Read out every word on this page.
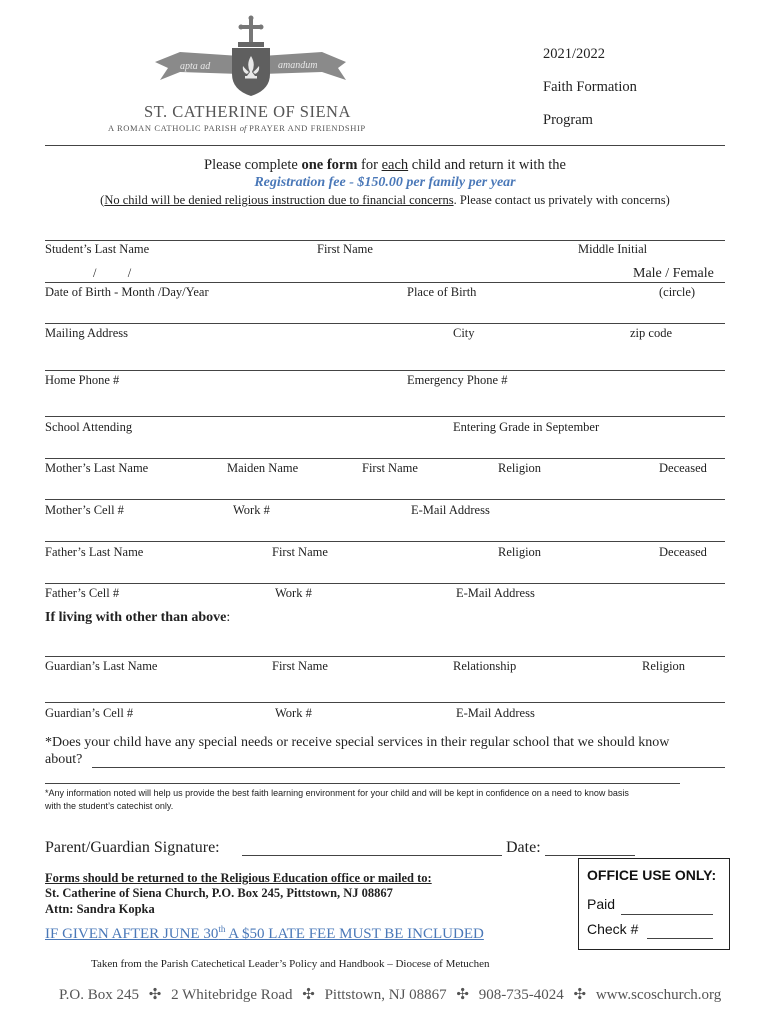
apta ad	amandum
ST. CATHERINE OF SIENA
A ROMAN CATHOLIC PARISH of PRAYER AND FRIENDSHIP
2021/2022
Faith Formation
Program
Please complete one form for each child and return it with the
Registration fee - $150.00 per family per year
(No child will be denied religious instruction due to financial concerns. Please contact us privately with concerns)
Student’s Last Name	First Name	Middle Initial
/          /	Male / Female
Date of Birth - Month /Day/Year	Place of Birth	(circle)
Mailing Address	City	zip code
Home Phone #	Emergency Phone #
School Attending	Entering Grade in September
Mother’s Last Name	Maiden Name	First Name	Religion	Deceased
Mother’s Cell #	Work #	E-Mail Address
Father’s Last Name	First Name	Religion	Deceased
Father’s Cell #	Work #	E-Mail Address
If living with other than above:
Guardian’s Last Name	First Name	Relationship	Religion
Guardian’s Cell #	Work #	E-Mail Address
*Does your child have any special needs or receive special services in their regular school that we should know
about?
*Any information noted will help us provide the best faith learning environment for your child and will be kept in confidence on a need to know basis
with the student’s catechist only.
Parent/Guardian Signature:	Date:
Forms should be returned to the Religious Education office or mailed to:
St. Catherine of Siena Church, P.O. Box 245, Pittstown, NJ 08867
Attn: Sandra Kopka
IF GIVEN AFTER JUNE 30th A $50 LATE FEE MUST BE INCLUDED
OFFICE USE ONLY:
Paid
Check #
Taken from the Parish Catechetical Leader’s Policy and Handbook – Diocese of Metuchen
P.O. Box 245 ✣ 2 Whitebridge Road ✣ Pittstown, NJ 08867 ✣ 908-735-4024 ✣ www.scoschurch.org
